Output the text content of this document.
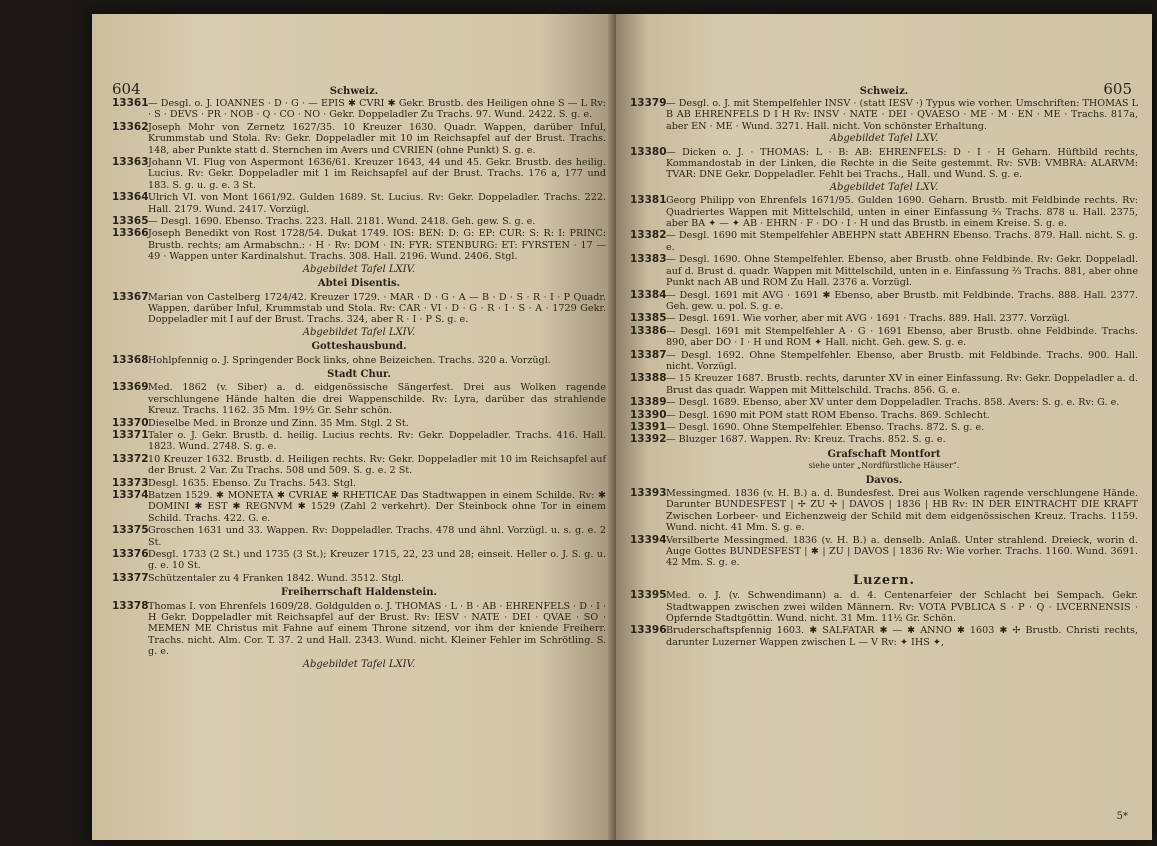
604	Schweiz.
13361 — Desgl. o. J. IOANNES · D · G · — EPIS ✱ CVRI ✱ Gekr. Brustb. des Heiligen ohne S — L Rv: · S · DEVS · PR · NOB · Q · CO · NO · Gekr. Doppeladler Zu Trachs. 97. Wund. 2422. S. g. e.
13362 Joseph Mohr von Zernetz 1627/35. 10 Kreuzer 1630. Quadr. Wappen, darüber Inful, Krummstab und Stola. Rv: Gekr. Doppeladler mit 10 im Reichsapfel auf der Brust. Trachs. 148, aber Punkte statt d. Sternchen im Avers und CVRIEN (ohne Punkt) S. g. e.
13363 Johann VI. Flug von Aspermont 1636/61. Kreuzer 1643, 44 und 45. Gekr. Brustb. des heilig. Lucius. Rv: Gekr. Doppeladler mit 1 im Reichsapfel auf der Brust. Trachs. 176 a, 177 und 183. S. g. u. g. e. 3 St.
13364 Ulrich VI. von Mont 1661/92. Gulden 1689. St. Lucius. Rv: Gekr. Doppeladler. Trachs. 222. Hall. 2179. Wund. 2417. Vorzügl.
13365 — Desgl. 1690. Ebenso. Trachs. 223. Hall. 2181. Wund. 2418. Geh. gew. S. g. e.
13366 Joseph Benedikt von Rost 1728/54. Dukat 1749. IOS: BEN: D: G: EP: CUR: S: R: I: PRINC: Brustb. rechts; am Armabschn.: · H · Rv: DOM · IN: FYR: STENBURG: ET: FYRSTEN · 17 — 49 · Wappen unter Kardinalshut. Trachs. 308. Hall. 2196. Wund. 2406. Stgl.
Abgebildet Tafel LXIV.
Abtei Disentis.
13367 Marian von Castelberg 1724/42. Kreuzer 1729. · MAR · D · G · A — B · D · S · R · I · P Quadr. Wappen, darüber Inful, Krummstab und Stola. Rv: CAR · VI · D · G · R · I · S · A · 1729 Gekr. Doppeladler mit I auf der Brust. Trachs. 324, aber R · I · P S. g. e.
Abgebildet Tafel LXIV.
Gotteshausbund.
13368 Hohlpfennig o. J. Springender Bock links, ohne Beizeichen. Trachs. 320 a. Vorzügl.
Stadt Chur.
13369 Med. 1862 (v. Siber) a. d. eidgenössische Sängerfest. Drei aus Wolken ragende verschlungene Hände halten die drei Wappenschilde. Rv: Lyra, darüber das strahlende Kreuz. Trachs. 1162. 35 Mm. 19½ Gr. Sehr schön.
13370 Dieselbe Med. in Bronze und Zinn. 35 Mm. Stgl. 2 St.
13371 Taler o. J. Gekr. Brustb. d. heilig. Lucius rechts. Rv: Gekr. Doppeladler. Trachs. 416. Hall. 1823. Wund. 2748. S. g. e.
13372 10 Kreuzer 1632. Brustb. d. Heiligen rechts. Rv: Gekr. Doppeladler mit 10 im Reichsapfel auf der Brust. 2 Var. Zu Trachs. 508 und 509. S. g. e. 2 St.
13373 Desgl. 1635. Ebenso. Zu Trachs. 543. Stgl.
13374 Batzen 1529. ✱ MONETA ✱ CVRIAE ✱ RHETICAE Das Stadtwappen in einem Schilde. Rv: ✱ DOMINI ✱ EST ✱ REGNVM ✱ 1529 (Zahl 2 verkehrt). Der Steinbock ohne Tor in einem Schild. Trachs. 422. G. e.
13375 Groschen 1631 und 33. Wappen. Rv: Doppeladler. Trachs. 478 und ähnl. Vorzügl. u. s. g. e. 2 St.
13376 Desgl. 1733 (2 St.) und 1735 (3 St.); Kreuzer 1715, 22, 23 und 28; einseit. Heller o. J. S. g. u. g. e. 10 St.
13377 Schützentaler zu 4 Franken 1842. Wund. 3512. Stgl.
Freiherrschaft Haldenstein.
13378 Thomas I. von Ehrenfels 1609/28. Goldgulden o. J. THOMAS · L · B · AB · EHRENFELS · D · I · H Gekr. Doppeladler mit Reichsapfel auf der Brust. Rv: IESV · NATE · DEI · QVAE · SO · MEMEN ME Christus mit Fahne auf einem Throne sitzend, vor ihm der kniende Freiherr. Trachs. nicht. Alm. Cor. T. 37. 2 und Hall. 2343. Wund. nicht. Kleiner Fehler im Schrötling. S. g. e.
Abgebildet Tafel LXIV.
605
Schweiz.
13379 — Desgl. o. J. mit Stempelfehler INSV · (statt IESV ·) Typus wie vorher. Umschriften: THOMAS L B AB EHRENFELS D I H Rv: INSV · NATE · DEI · QVAESO · ME · M · EN · ME · Trachs. 817a, aber EN · ME · Wund. 3271. Hall. nicht. Von schönster Erhaltung.
Abgebildet Tafel LXV.
13380 — Dicken o. J. · THOMAS: L · B: AB: EHRENFELS: D · I · H Geharn. Hüftbild rechts, Kommandostab in der Linken, die Rechte in die Seite gestemmt. Rv: SVB: VMBRA: ALARVM: TVAR: DNE Gekr. Doppeladler. Fehlt bei Trachs., Hall. und Wund. S. g. e.
Abgebildet Tafel LXV.
13381 Georg Philipp von Ehrenfels 1671/95. Gulden 1690. Geharn. Brustb. mit Feldbinde rechts. Rv: Quadriertes Wappen mit Mittelschild, unten in einer Einfassung ⅔ Trachs. 878 u. Hall. 2375, aber BA ✦ — ✦ AB · EHRN · F · DO · I · H und das Brustb. in einem Kreise. S. g. e.
13382 — Desgl. 1690 mit Stempelfehler ABEHPN statt ABEHRN Ebenso. Trachs. 879. Hall. nicht. S. g. e.
13383 — Desgl. 1690. Ohne Stempelfehler. Ebenso, aber Brustb. ohne Feldbinde. Rv: Gekr. Doppeladl. auf d. Brust d. quadr. Wappen mit Mittelschild, unten in e. Einfassung ⅔ Trachs. 881, aber ohne Punkt nach AB und ROM Zu Hall. 2376 a. Vorzügl.
13384 — Desgl. 1691 mit AVG · 1691 ✱ Ebenso, aber Brustb. mit Feldbinde. Trachs. 888. Hall. 2377. Geh. gew. u. pol. S. g. e.
13385 — Desgl. 1691. Wie vorher, aber mit AVG · 1691 · Trachs. 889. Hall. 2377. Vorzügl.
13386 — Desgl. 1691 mit Stempelfehler A · G · 1691 Ebenso, aber Brustb. ohne Feldbinde. Trachs. 890, aber DO · I · H und ROM ✦ Hall. nicht. Geh. gew. S. g. e.
13387 — Desgl. 1692. Ohne Stempelfehler. Ebenso, aber Brustb. mit Feldbinde. Trachs. 900. Hall. nicht. Vorzügl.
13388 — 15 Kreuzer 1687. Brustb. rechts, darunter XV in einer Einfassung. Rv: Gekr. Doppeladler a. d. Brust das quadr. Wappen mit Mittelschild. Trachs. 856. G. e.
13389 — Desgl. 1689. Ebenso, aber XV unter dem Doppeladler. Trachs. 858. Avers: S. g. e. Rv: G. e.
13390 — Desgl. 1690 mit POM statt ROM Ebenso. Trachs. 869. Schlecht.
13391 — Desgl. 1690. Ohne Stempelfehler. Ebenso. Trachs. 872. S. g. e.
13392 — Bluzger 1687. Wappen. Rv: Kreuz. Trachs. 852. S. g. e.
Grafschaft Montfort
siehe unter „Nordfürstliche Häuser“.
Davos.
13393 Messingmed. 1836 (v. H. B.) a. d. Bundesfest. Drei aus Wolken ragende verschlungene Hände. Darunter BUNDESFEST | ✢ ZU ✢ | DAVOS | 1836 | HB Rv: IN DER EINTRACHT DIE KRAFT Zwischen Lorbeer- und Eichenzweig der Schild mit dem eidgenössischen Kreuz. Trachs. 1159. Wund. nicht. 41 Mm. S. g. e.
13394 Versilberte Messingmed. 1836 (v. H. B.) a. denselb. Anlaß. Unter strahlend. Dreieck, worin d. Auge Gottes BUNDESFEST | ✱ | ZU | DAVOS | 1836 Rv: Wie vorher. Trachs. 1160. Wund. 3691. 42 Mm. S. g. e.
Luzern.
13395 Med. o. J. (v. Schwendimann) a. d. 4. Centenarfeier der Schlacht bei Sempach. Gekr. Stadtwappen zwischen zwei wilden Männern. Rv: VOTA PVBLICA S · P · Q · LVCERNENSIS · Opfernde Stadtgöttin. Wund. nicht. 31 Mm. 11½ Gr. Schön.
13396 Bruderschaftspfennig 1603. ✱ SALFATAR ✱ — ✱ ANNO ✱ 1603 ✱ ✢ Brustb. Christi rechts, darunter Luzerner Wappen zwischen L — V Rv: ✦ IHS ✦,
5*
